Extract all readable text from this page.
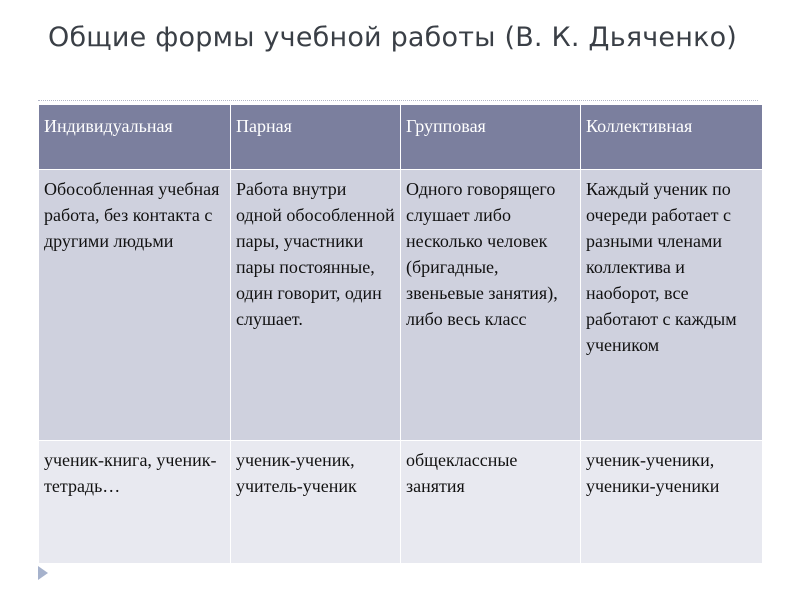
Общие формы учебной работы (В. К. Дьяченко)
Индивидуальная	Парная	Групповая	Коллективная
Обособленная учебная работа, без контакта с другими людьми	Работа внутри одной обособленной пары, участники пары постоянные, один говорит, один слушает.	Одного говорящего слушает либо несколько человек (бригадные, звеньевые занятия), либо весь класс	Каждый ученик по очереди работает с разными членами коллектива и наоборот, все работают с каждым учеником
ученик-книга, ученик-тетрадь…	ученик-ученик, учитель-ученик	общеклассные занятия	ученик-ученики, ученики-ученики
